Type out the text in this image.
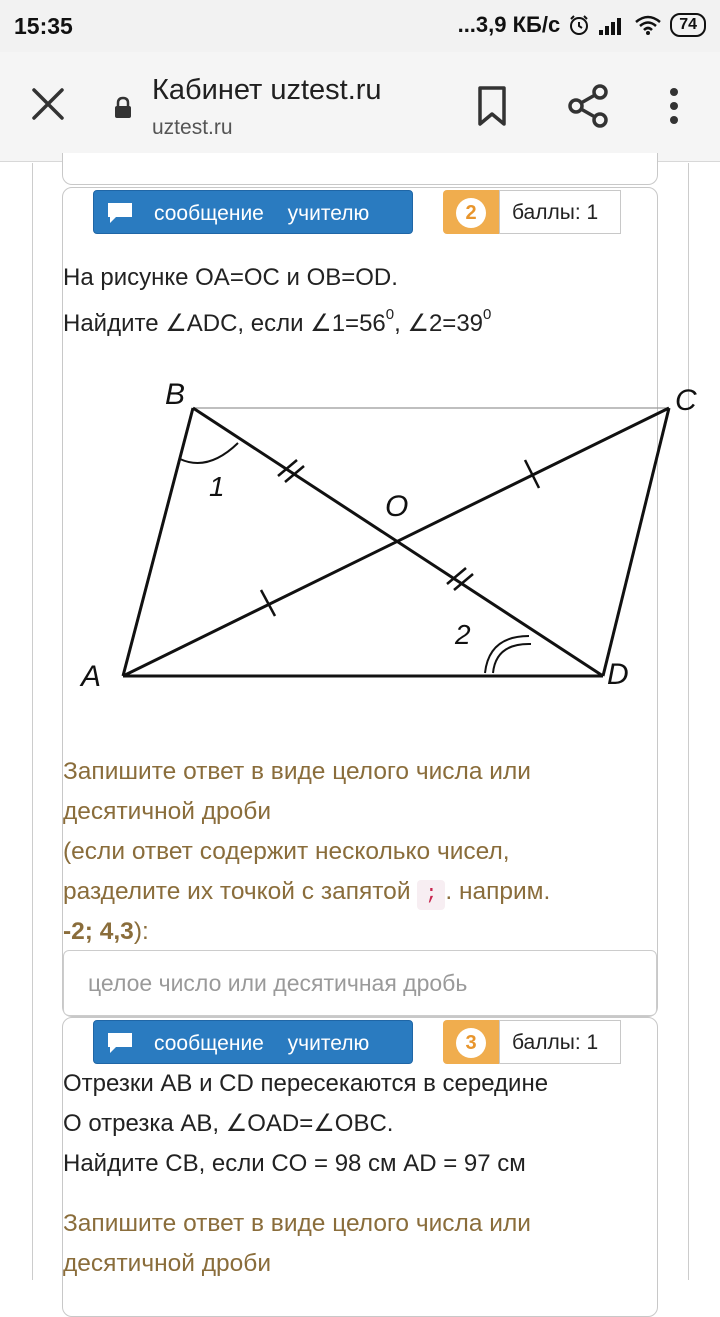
15:35	...3,9 КБ/с	74
Кабинет uztest.ru
uztest.ru
сообщение учителю	2	баллы: 1
На рисунке OA=OC и OB=OD.
Найдите ∠ADC, если $\angle 1=56^0$, $\angle 2=39^0$
B	C
A	D
O
1
2
Запишите ответ в виде целого числа или
десятичной дроби
(если ответ содержит несколько чисел,
разделите их точкой с запятой ; . наприм.
-2; 4,3):
целое число или десятичная дробь
сообщение учителю	3	баллы: 1
Отрезки AB и CD пересекаются в середине
O отрезка AB, ∠OAD=∠OBC.
Найдите CB, если CO = 98 см AD = 97 см
Запишите ответ в виде целого числа или
десятичной дроби
